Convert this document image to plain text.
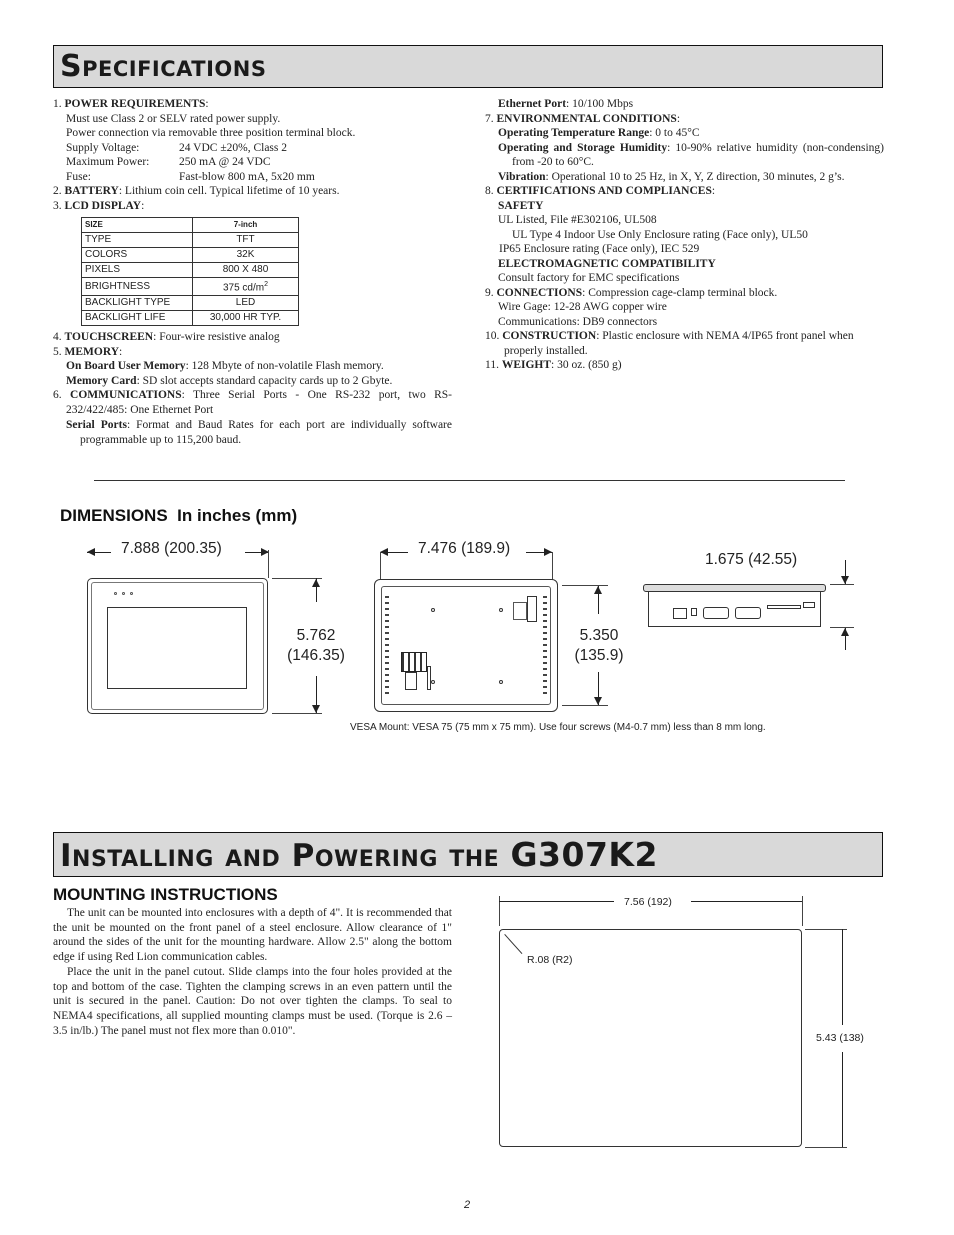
Specifications
1. POWER REQUIREMENTS:
Must use Class 2 or SELV rated power supply.
Power connection via removable three position terminal block.
Supply Voltage:	24 VDC ±20%, Class 2
Maximum Power:	250 mA @ 24 VDC
Fuse:	Fast-blow 800 mA, 5x20 mm
2. BATTERY: Lithium coin cell. Typical lifetime of 10 years.
3. LCD DISPLAY:
SIZE	7-inch
TYPE	TFT
COLORS	32K
PIXELS	800 X 480
BRIGHTNESS	375 $cd/m^2$
BACKLIGHT TYPE	LED
BACKLIGHT LIFE	30,000 HR TYP.
4. TOUCHSCREEN: Four-wire resistive analog
5. MEMORY:
On Board User Memory: 128 Mbyte of non-volatile Flash memory.
Memory Card: SD slot accepts standard capacity cards up to 2 Gbyte.
6. COMMUNICATIONS: Three Serial Ports - One RS-232 port, two RS-232/422/485: One Ethernet Port
Serial Ports: Format and Baud Rates for each port are individually software programmable up to 115,200 baud.
Ethernet Port: 10/100 Mbps
7. ENVIRONMENTAL CONDITIONS:
Operating Temperature Range: 0 to 45°C
Operating and Storage Humidity: 10-90% relative humidity (non-condensing) from -20 to 60°C.
Vibration: Operational 10 to 25 Hz, in X, Y, Z direction, 30 minutes, 2 g’s.
8. CERTIFICATIONS AND COMPLIANCES:
SAFETY
UL Listed, File #E302106, UL508
UL Type 4 Indoor Use Only Enclosure rating (Face only), UL50
IP65 Enclosure rating (Face only), IEC 529
ELECTROMAGNETIC COMPATIBILITY
Consult factory for EMC specifications
9. CONNECTIONS: Compression cage-clamp terminal block.
Wire Gage: 12-28 AWG copper wire
Communications: DB9 connectors
10. CONSTRUCTION: Plastic enclosure with NEMA 4/IP65 front panel when properly installed.
11. WEIGHT: 30 oz. (850 g)
DIMENSIONS In inches (mm)
7.888 (200.35)
5.762
(146.35)
7.476 (189.9)
5.350
(135.9)
1.675 (42.55)
VESA Mount: VESA 75 (75 mm x 75 mm). Use four screws (M4-0.7 mm) less than 8 mm long.
Installing and Powering the G307K2
MOUNTING INSTRUCTIONS

The unit can be mounted into enclosures with a depth of 4". It is recommended that the unit be mounted on the front panel of a steel enclosure. Allow clearance of 1" around the sides of the unit for the mounting hardware. Allow 2.5" along the bottom edge if using Red Lion communication cables.

Place the unit in the panel cutout. Slide clamps into the four holes provided at the top and bottom of the case. Tighten the clamping screws in an even pattern until the unit is secured in the panel. Caution: Do not over tighten the clamps. To seal to NEMA4 specifications, all supplied mounting clamps must be used. (Torque is 2.6 – 3.5 in/lb.) The panel must not flex more than 0.010".

7.56 (192)
R.08 (R2)
5.43 (138)
2
